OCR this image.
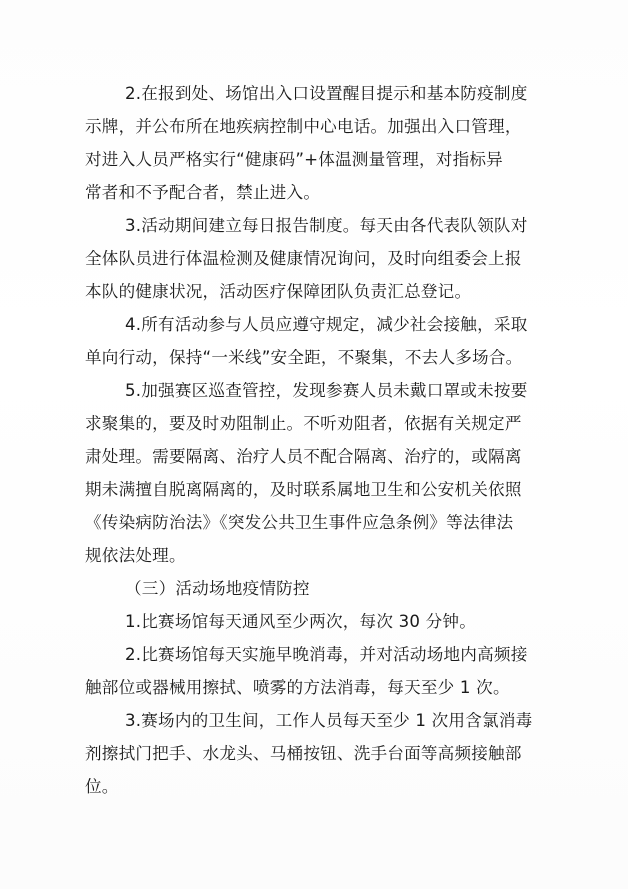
2.在报到处、场馆出入口设置醒目提示和基本防疫制度
示牌，并公布所在地疾病控制中心电话。加强出入口管理，
对进入人员严格实行“健康码”+体温测量管理，对指标异
常者和不予配合者，禁止进入。
3.活动期间建立每日报告制度。每天由各代表队领队对
全体队员进行体温检测及健康情况询问，及时向组委会上报
本队的健康状况，活动医疗保障团队负责汇总登记。
4.所有活动参与人员应遵守规定，减少社会接触，采取
单向行动，保持“一米线”安全距，不聚集，不去人多场合。
5.加强赛区巡查管控，发现参赛人员未戴口罩或未按要
求聚集的，要及时劝阻制止。不听劝阻者，依据有关规定严
肃处理。需要隔离、治疗人员不配合隔离、治疗的，或隔离
期未满擅自脱离隔离的，及时联系属地卫生和公安机关依照
《传染病防治法》《突发公共卫生事件应急条例》等法律法
规依法处理。
（三）活动场地疫情防控
1.比赛场馆每天通风至少两次，每次 30 分钟。
2.比赛场馆每天实施早晚消毒，并对活动场地内高频接
触部位或器械用擦拭、喷雾的方法消毒，每天至少 1 次。
3.赛场内的卫生间，工作人员每天至少 1 次用含氯消毒
剂擦拭门把手、水龙头、马桶按钮、洗手台面等高频接触部
位。
